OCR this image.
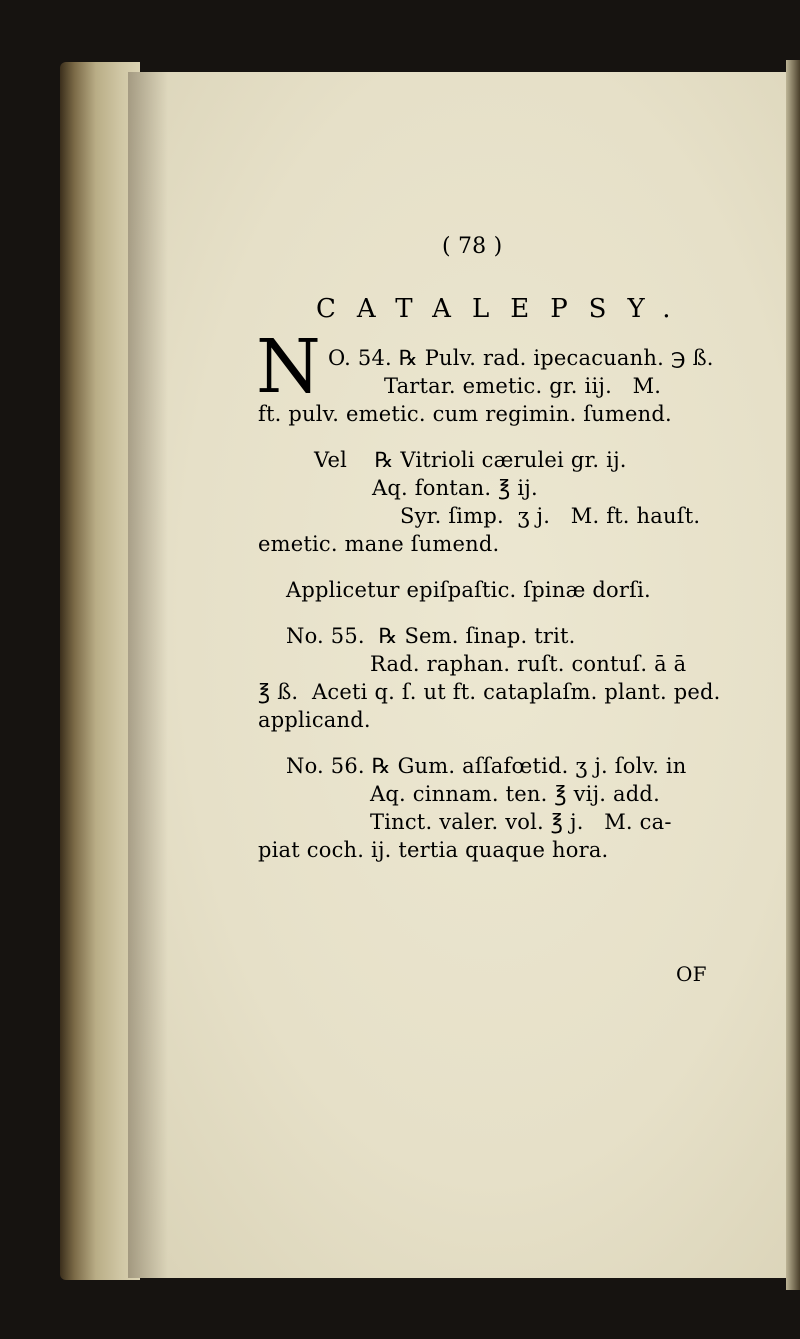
( 78 )
CATALEPSY.
N O. 54. ℞ Pulv. rad. ipecacuanh. ℈ ß.
Tartar. emetic. gr. iij.   M.
ft. pulv. emetic. cum regimin. ſumend.
Vel    ℞ Vitrioli cærulei gr. ij.
Aq. fontan. ℥ ij.
Syr. ſimp.  ʒ j.   M. ft. hauſt.
emetic. mane ſumend.
Applicetur epiſpaſtic. ſpinæ dorſi.
No. 55.  ℞ Sem. ſinap. trit.
Rad. raphan. ruſt. contuſ. ā ā
℥ ß.  Aceti q. ſ. ut ft. cataplaſm. plant. ped.
applicand.
No. 56. ℞ Gum. aſſafœtid. ʒ j. ſolv. in
Aq. cinnam. ten. ℥ vij. add.
Tinct. valer. vol. ℥ j.   M. ca-
piat coch. ij. tertia quaque hora.
OF
